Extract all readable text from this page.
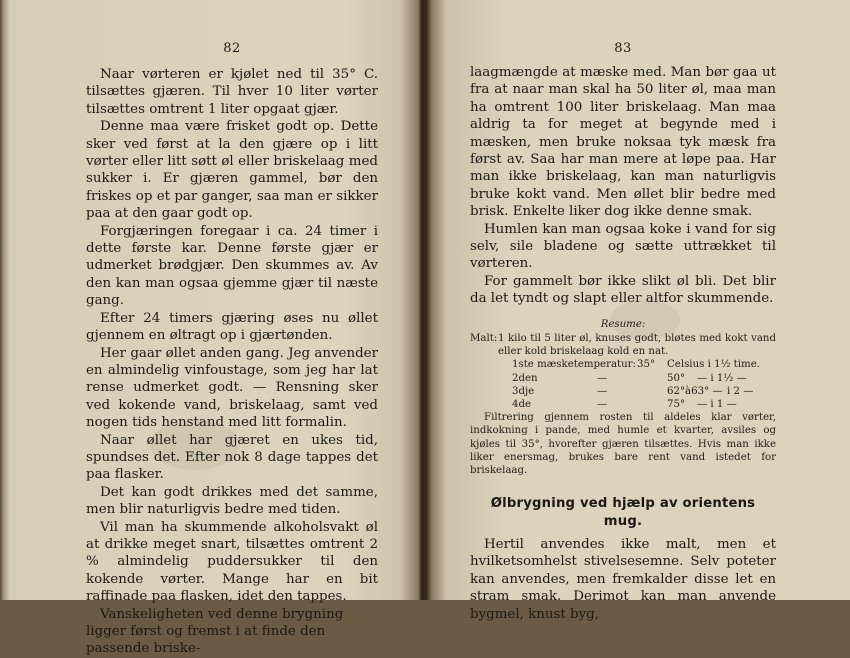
82

Naar vørteren er kjølet ned til 35° C. tilsættes gjæren. Til hver 10 liter vørter tilsættes omtrent 1 liter opgaat gjær.

Denne maa være frisket godt op. Dette sker ved først at la den gjære op i litt vørter eller litt søtt øl eller briskelaag med sukker i. Er gjæren gammel, bør den friskes op et par ganger, saa man er sikker paa at den gaar godt op.

Forgjæringen foregaar i ca. 24 timer i dette første kar. Denne første gjær er udmerket brødgjær. Den skummes av. Av den kan man ogsaa gjemme gjær til næste gang.

Efter 24 timers gjæring øses nu øllet gjennem en øltragt op i gjærtønden.

Her gaar øllet anden gang. Jeg anvender en almindelig vinfoustage, som jeg har lat rense udmerket godt. — Rensning sker ved kokende vand, briskelaag, samt ved nogen tids henstand med litt formalin.

Naar øllet har gjæret en ukes tid, spundses det. Efter nok 8 dage tappes det paa flasker.

Det kan godt drikkes med det samme, men blir naturligvis bedre med tiden.

Vil man ha skummende alkoholsvakt øl at drikke meget snart, tilsættes omtrent 2 % almindelig puddersukker til den kokende vørter. Mange har en bit raffinade paa flasken, idet den tappes.

Vanskeligheten ved denne brygning ligger først og fremst i at finde den passende briske-

83

laagmængde at mæske med. Man bør gaa ut fra at naar man skal ha 50 liter øl, maa man ha omtrent 100 liter briskelaag. Man maa aldrig ta for meget at begynde med i mæsken, men bruke noksaa tyk mæsk fra først av. Saa har man mere at løpe paa. Har man ikke briskelaag, kan man naturligvis bruke kokt vand. Men øllet blir bedre med brisk. Enkelte liker dog ikke denne smak.

Humlen kan man ogsaa koke i vand for sig selv, sile bladene og sætte uttrækket til vørteren.

For gammelt bør ikke slikt øl bli. Det blir da let tyndt og slapt eller altfor skummende.

Resume:
Malt:1 kilo til 5 liter øl, knuses godt, bløtes med kokt vand eller kold briskelaag kold en nat.
1ste mæsketemperatur: 35°	Celsius i 1½ time.
2den	—	50°	— i 1½ —
3dje	—	62°à63° — i 2 —
4de	—	75°	— i 1 —
Filtrering gjennem rosten til aldeles klar vørter, indkokning i pande, med humle et kvarter, avsiles og kjøles til 35°, hvorefter gjæren tilsættes. Hvis man ikke liker enersmag, brukes bare rent vand istedet for briskelaag.
Ølbrygning ved hjælp av orientens mug.

Hertil anvendes ikke malt, men et hvilketsomhelst stivelsesemne. Selv poteter kan anvendes, men fremkalder disse let en stram smak. Derimot kan man anvende bygmel, knust byg,
